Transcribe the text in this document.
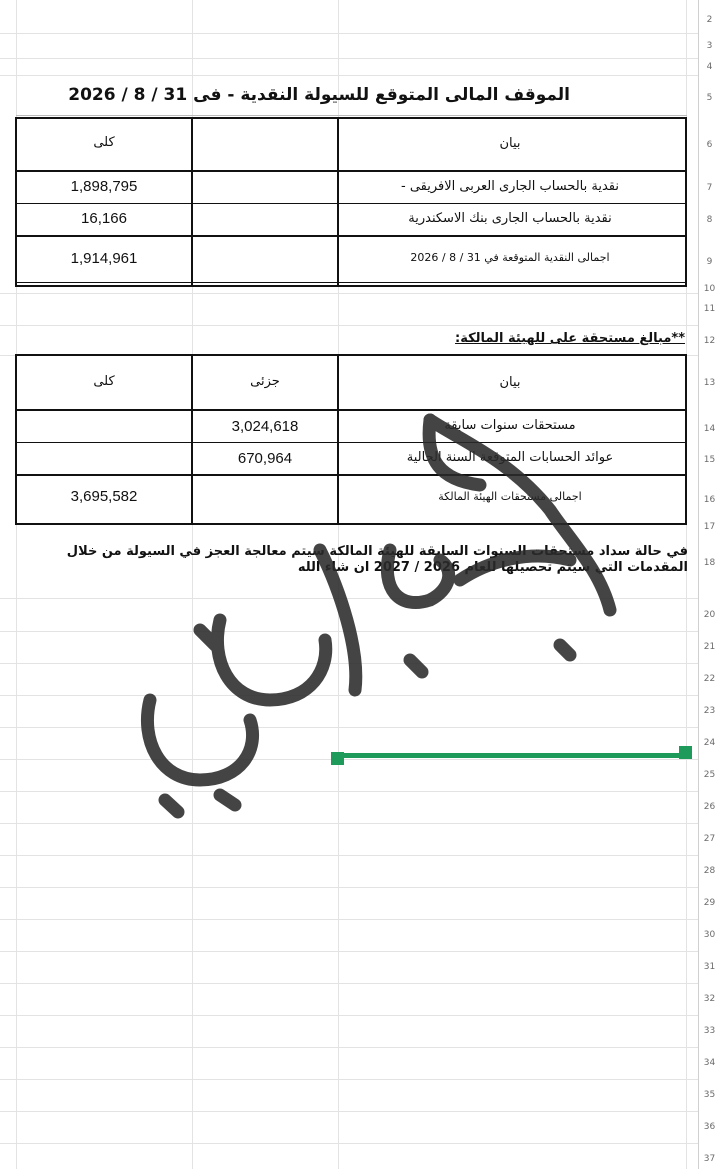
2
3
4
5
6
7
8
9
10
11
12
13
14
15
16
17
18
20
21
22
23
24
25
26
27
28
29
30
31
32
33
34
35
36
37
الموقف المالى المتوقع للسيولة النقدية - فى 31 / 8 / 2026
بيان
كلى
نقدية بالحساب الجارى العربى الافريقى -
1,898,795
نقدية بالحساب الجارى بنك الاسكندرية
16,166
اجمالى النقدية المتوقعة في 31 / 8 / 2026
1,914,961
**مبالغ مستحقة على للهيئة المالكة:
بيان
جزئى
كلى
مستحقات سنوات سابقة
3,024,618
عوائد الحسابات المتوقعة السنة الحالية
670,964
اجمالى مستحقات الهيئة المالكة
3,695,582
في حالة سداد مستحقات السنوات السابقة للهيئة المالكة سيتم معالجة العجز في السيولة من خلال المقدمات التي سيتم تحصيلها للعام 2026 / 2027 ان شاء الله
